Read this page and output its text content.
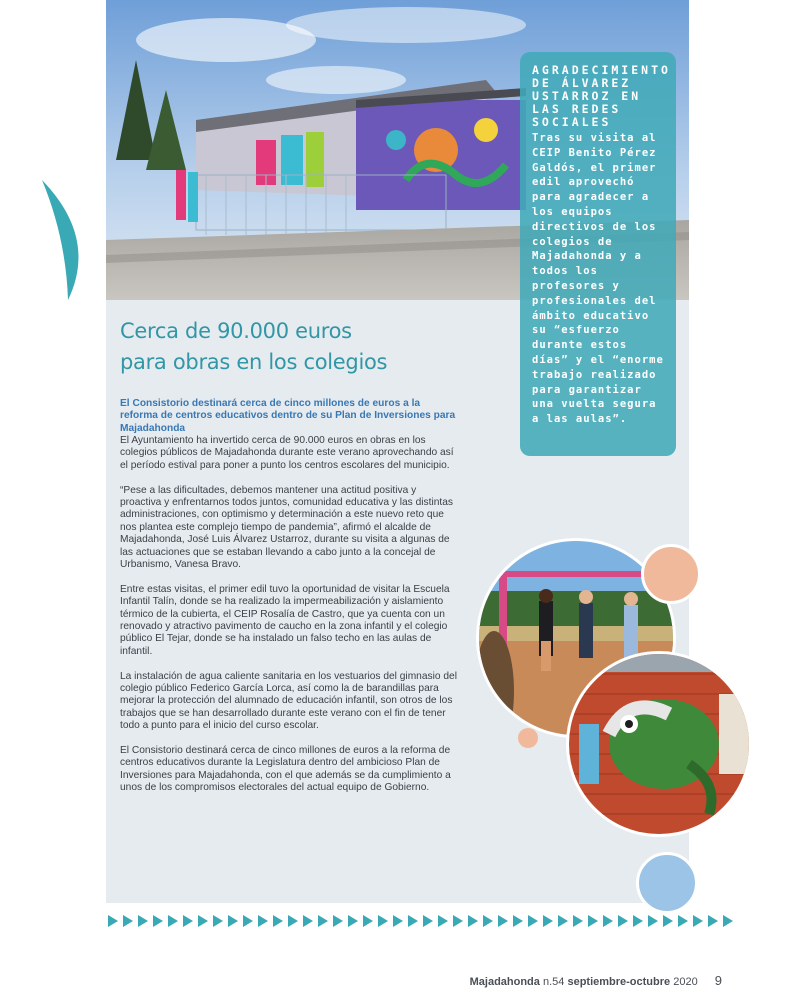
AGRADECIMIENTO DE ÁLVAREZ USTARROZ EN LAS REDES SOCIALES
Tras su visita al CEIP Benito Pérez Galdós, el primer edil aprovechó para agradecer a los equipos directivos de los colegios de Majadahonda y a todos los profesores y profesionales del ámbito educativo su “esfuerzo durante estos días” y el “enorme trabajo realizado para garantizar una vuelta segura a las aulas”.
Cerca de 90.000 euros
para obras en los colegios
El Consistorio destinará cerca de cinco millones de euros a la reforma de centros educativos dentro de su Plan de Inversiones para Majadahonda

El Ayuntamiento ha invertido cerca de 90.000 euros en obras en los colegios públicos de Majadahonda durante este verano aprovechando así el período estival para poner a punto los centros escolares del municipio.

“Pese a las dificultades, debemos mantener una actitud positiva y proactiva y enfrentarnos todos juntos, comunidad educativa y las distintas administraciones, con optimismo y determinación a este nuevo reto que nos plantea este complejo tiempo de pandemia”, afirmó el alcalde de Majadahonda, José Luis Álvarez Ustarroz, durante su visita a algunas de las actuaciones que se estaban llevando a cabo junto a la concejal de Urbanismo, Vanesa Bravo.

Entre estas visitas, el primer edil tuvo la oportunidad de visitar la Escuela Infantil Talín, donde se ha realizado la impermeabilización y aislamiento térmico de la cubierta, el CEIP Rosalía de Castro, que ya cuenta con un renovado y atractivo pavimento de caucho en la zona infantil y el colegio público El Tejar, donde se ha instalado un falso techo en las aulas de infantil.

La instalación de agua caliente sanitaria en los vestuarios del gimnasio del colegio público Federico García Lorca, así como la de barandillas para mejorar la protección del alumnado de educación infantil, son otros de los trabajos que se han desarrollado durante este verano con el fin de tener todo a punto para el inicio del curso escolar.

El Consistorio destinará cerca de cinco millones de euros a la reforma de centros educativos durante la Legislatura dentro del ambicioso Plan de Inversiones para Majadahonda, con el que además se da cumplimiento a unos de los compromisos electorales del actual equipo de Gobierno.

Majadahonda n.54 septiembre-octubre 2020 9
